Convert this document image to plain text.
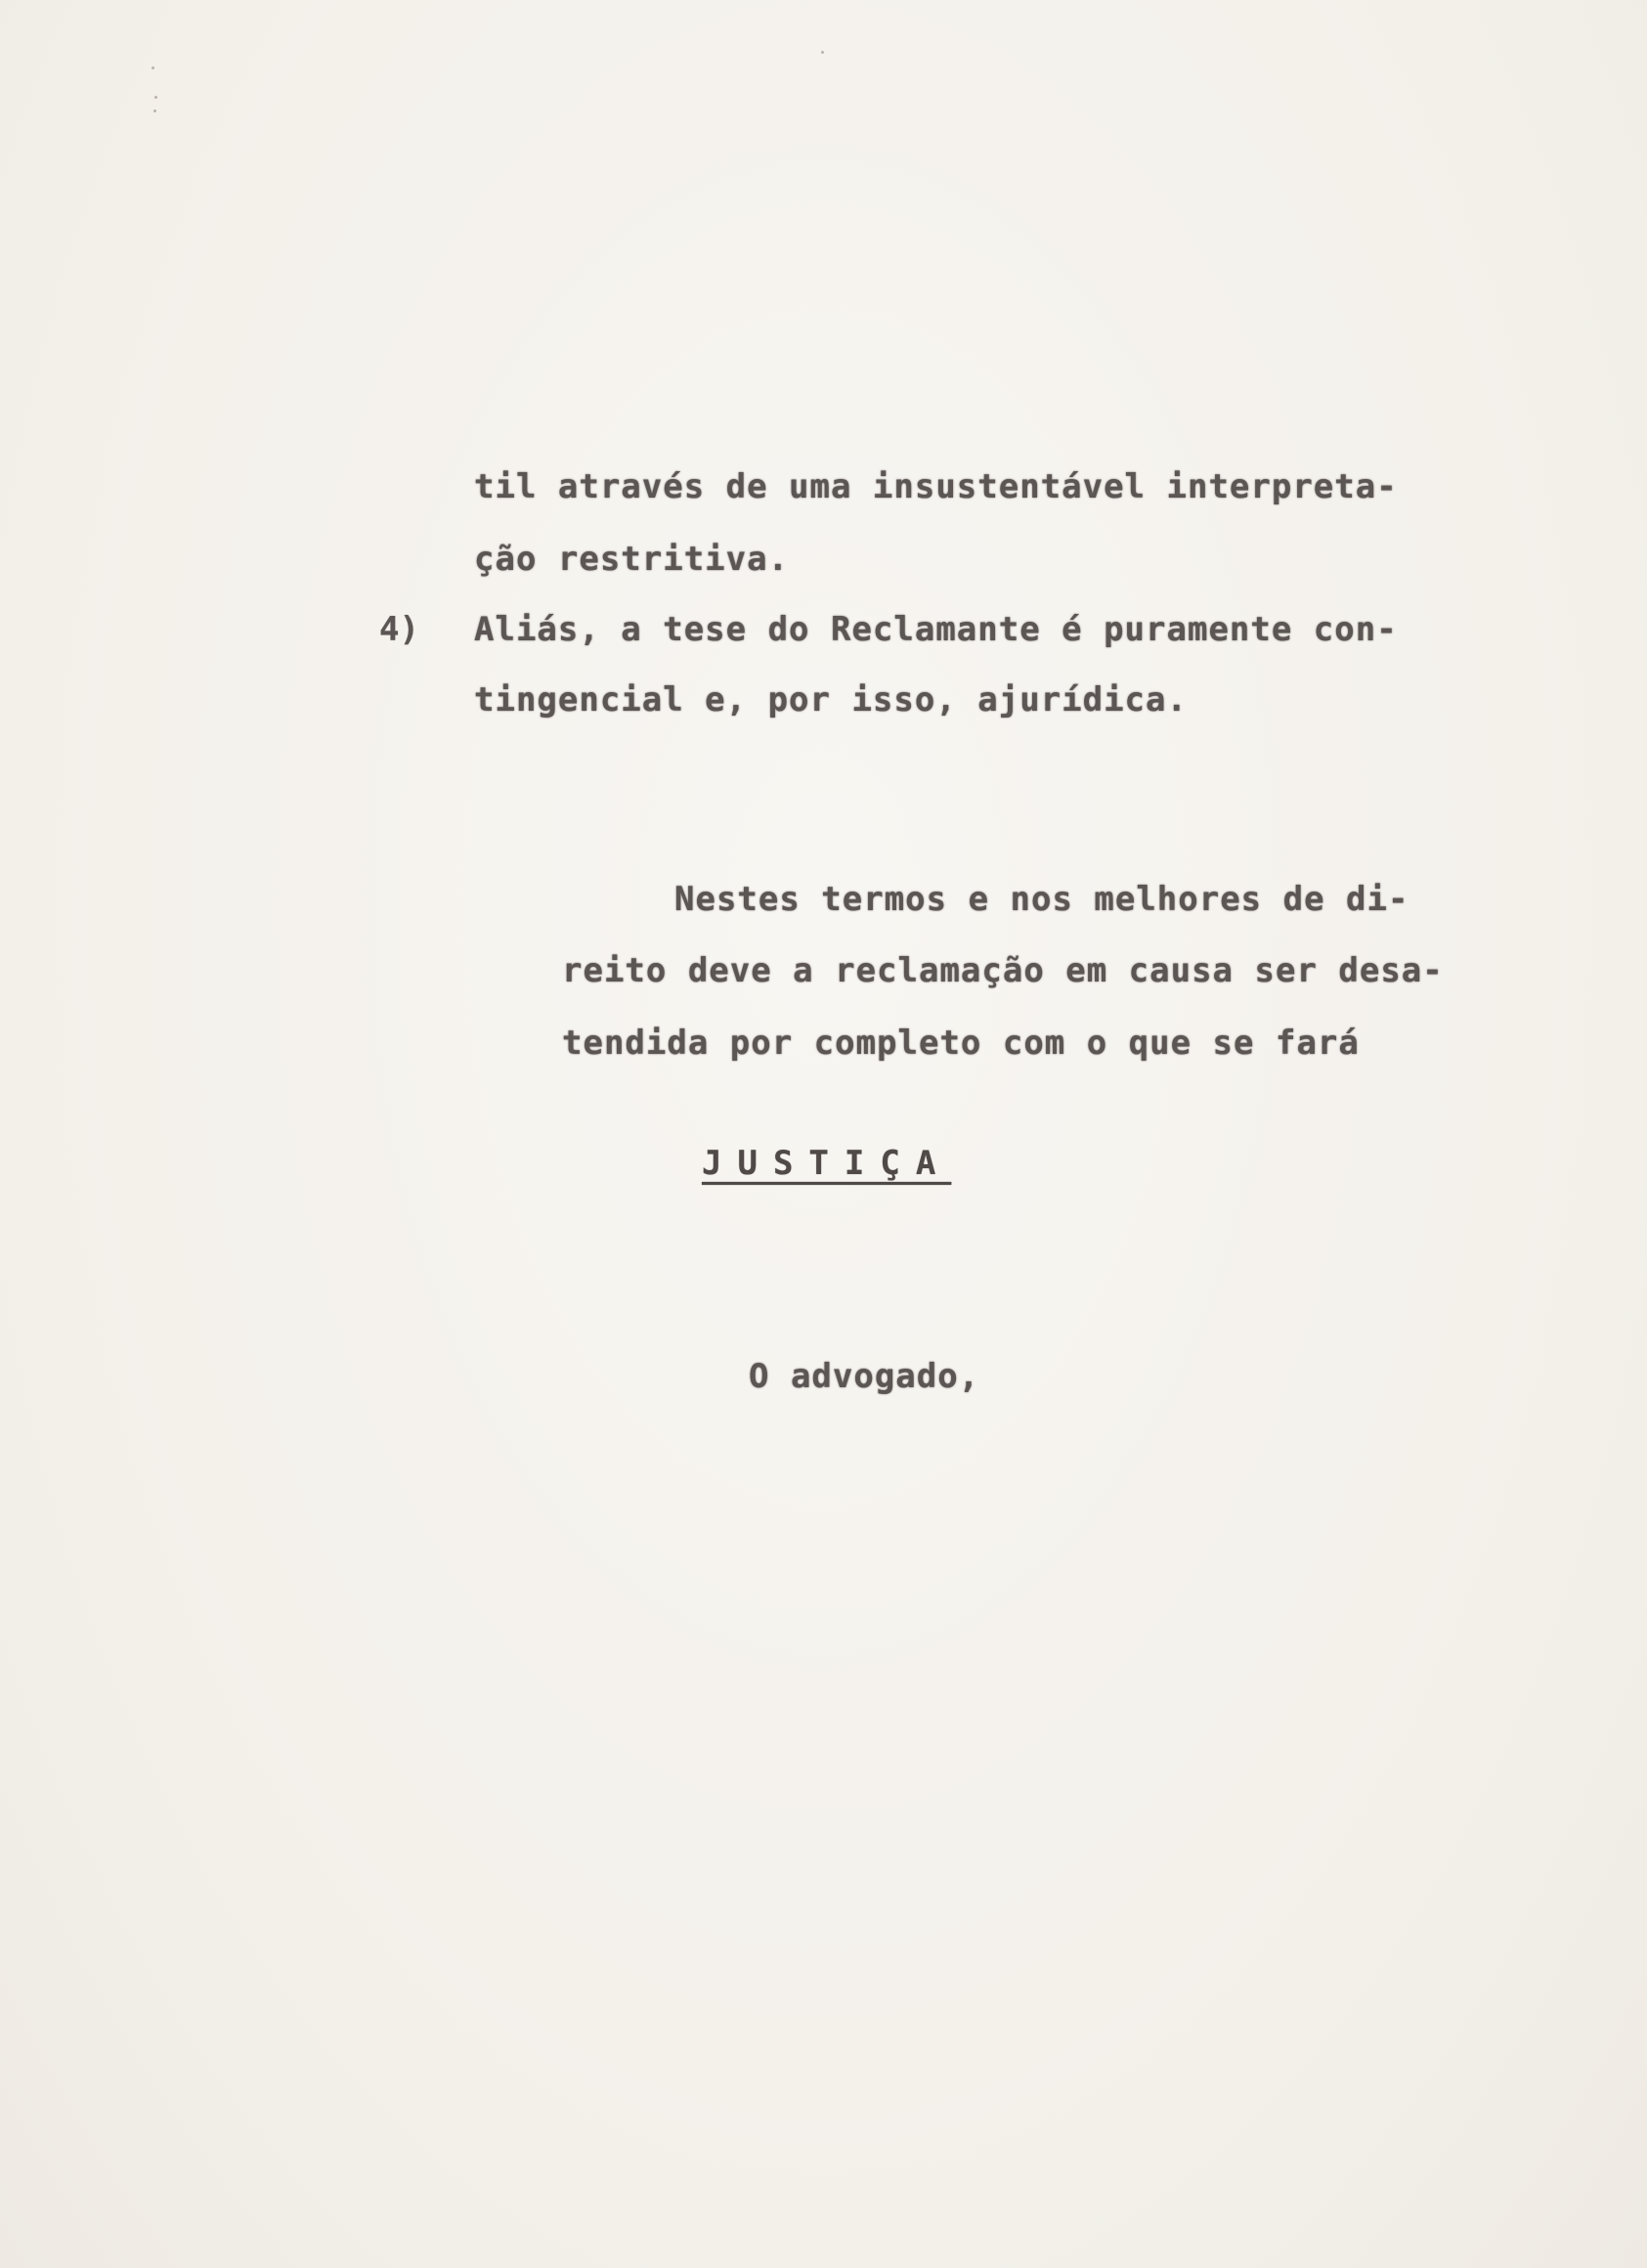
til através de uma insustentável interpreta-
ção restritiva.
4) Aliás, a tese do Reclamante é puramente con-
tingencial e, por isso, ajurídica.
Nestes termos e nos melhores de di-
reito deve a reclamação em causa ser desa-
tendida por completo com o que se fará
JUSTIÇA
O advogado,
